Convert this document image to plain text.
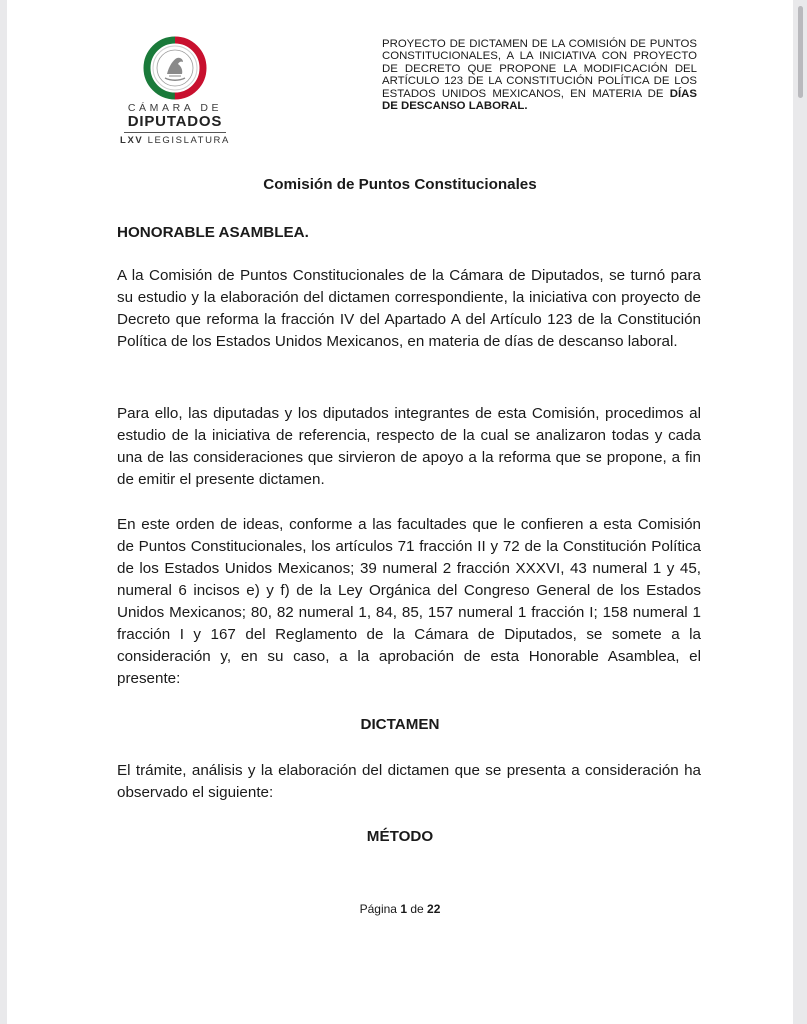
CÁMARA DE
DIPUTADOS
LXV LEGISLATURA
PROYECTO DE DICTAMEN DE LA COMISIÓN DE PUNTOS CONSTITUCIONALES, A LA INICIATIVA CON PROYECTO DE DECRETO QUE PROPONE LA MODIFICACIÓN DEL ARTÍCULO 123 DE LA CONSTITUCIÓN POLÍTICA DE LOS ESTADOS UNIDOS MEXICANOS, EN MATERIA DE DÍAS DE DESCANSO LABORAL.
Comisión de Puntos Constitucionales
HONORABLE ASAMBLEA.
A la Comisión de Puntos Constitucionales de la Cámara de Diputados, se turnó para su estudio y la elaboración del dictamen correspondiente, la iniciativa con proyecto de Decreto que reforma la fracción IV del Apartado A del Artículo 123 de la Constitución Política de los Estados Unidos Mexicanos, en materia de días de descanso laboral.
Para ello, las diputadas y los diputados integrantes de esta Comisión, procedimos al estudio de la iniciativa de referencia, respecto de la cual se analizaron todas y cada una de las consideraciones que sirvieron de apoyo a la reforma que se propone, a fin de emitir el presente dictamen.
En este orden de ideas, conforme a las facultades que le confieren a esta Comisión de Puntos Constitucionales, los artículos 71 fracción II y 72 de la Constitución Política de los Estados Unidos Mexicanos; 39 numeral 2 fracción XXXVI, 43 numeral 1 y 45, numeral 6 incisos e) y f) de la Ley Orgánica del Congreso General de los Estados Unidos Mexicanos; 80, 82 numeral 1, 84, 85, 157 numeral 1 fracción I; 158 numeral 1 fracción I y 167 del Reglamento de la Cámara de Diputados, se somete a la consideración y, en su caso, a la aprobación de esta Honorable Asamblea, el presente:
DICTAMEN
El trámite, análisis y la elaboración del dictamen que se presenta a consideración ha observado el siguiente:
MÉTODO
Página 1 de 22
